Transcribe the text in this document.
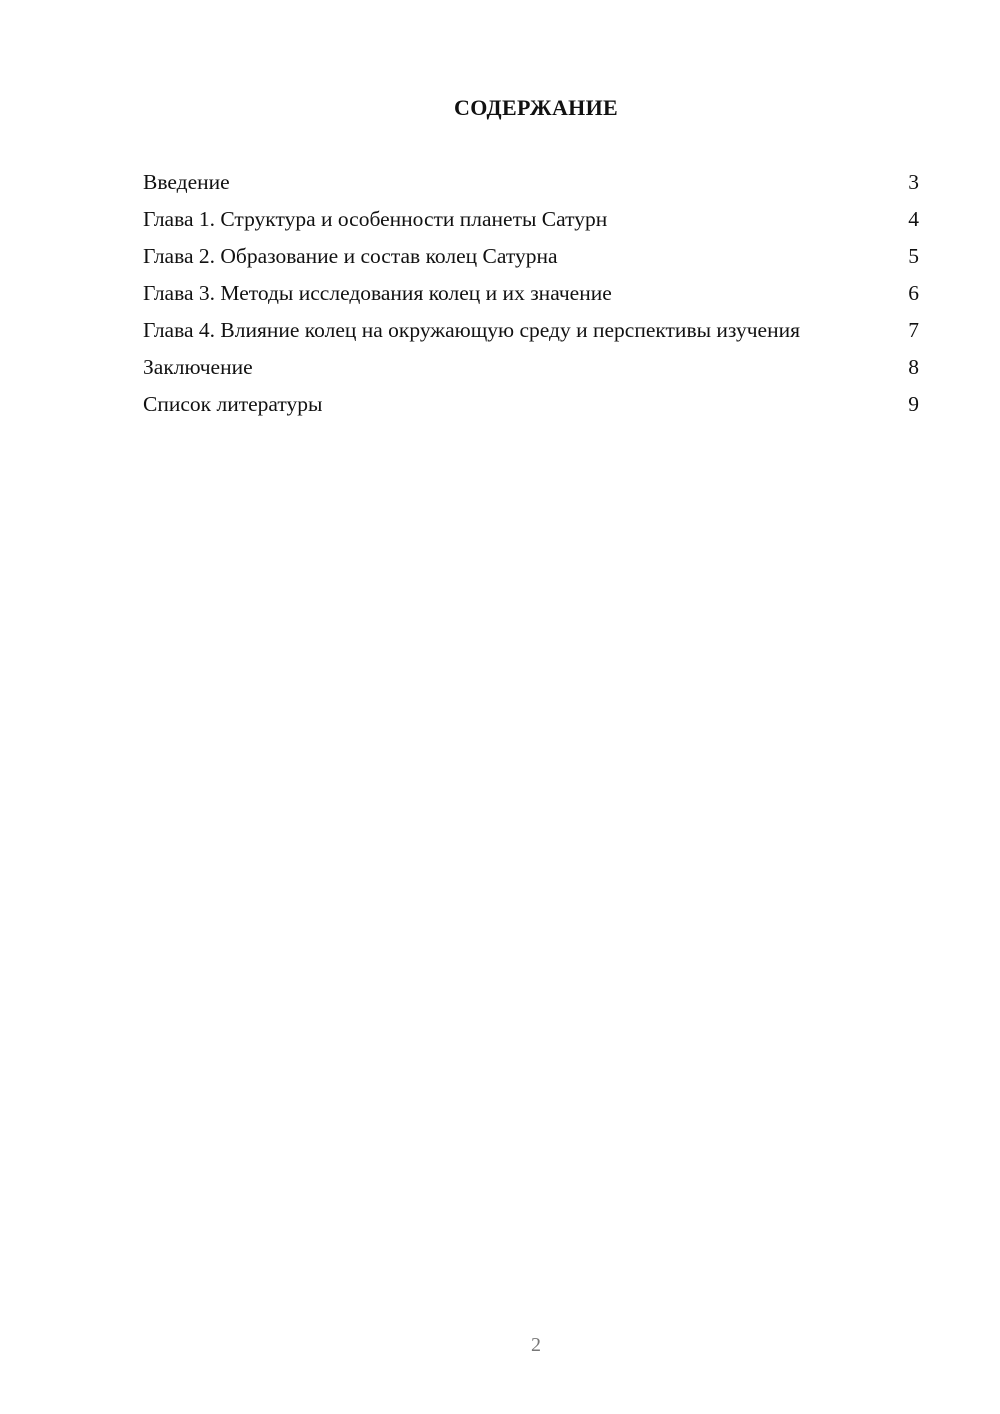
СОДЕРЖАНИЕ
Введение	3
Глава 1. Структура и особенности планеты Сатурн	4
Глава 2. Образование и состав колец Сатурна	5
Глава 3. Методы исследования колец и их значение	6
Глава 4. Влияние колец на окружающую среду и перспективы изучения	7
Заключение	8
Список литературы	9
2
